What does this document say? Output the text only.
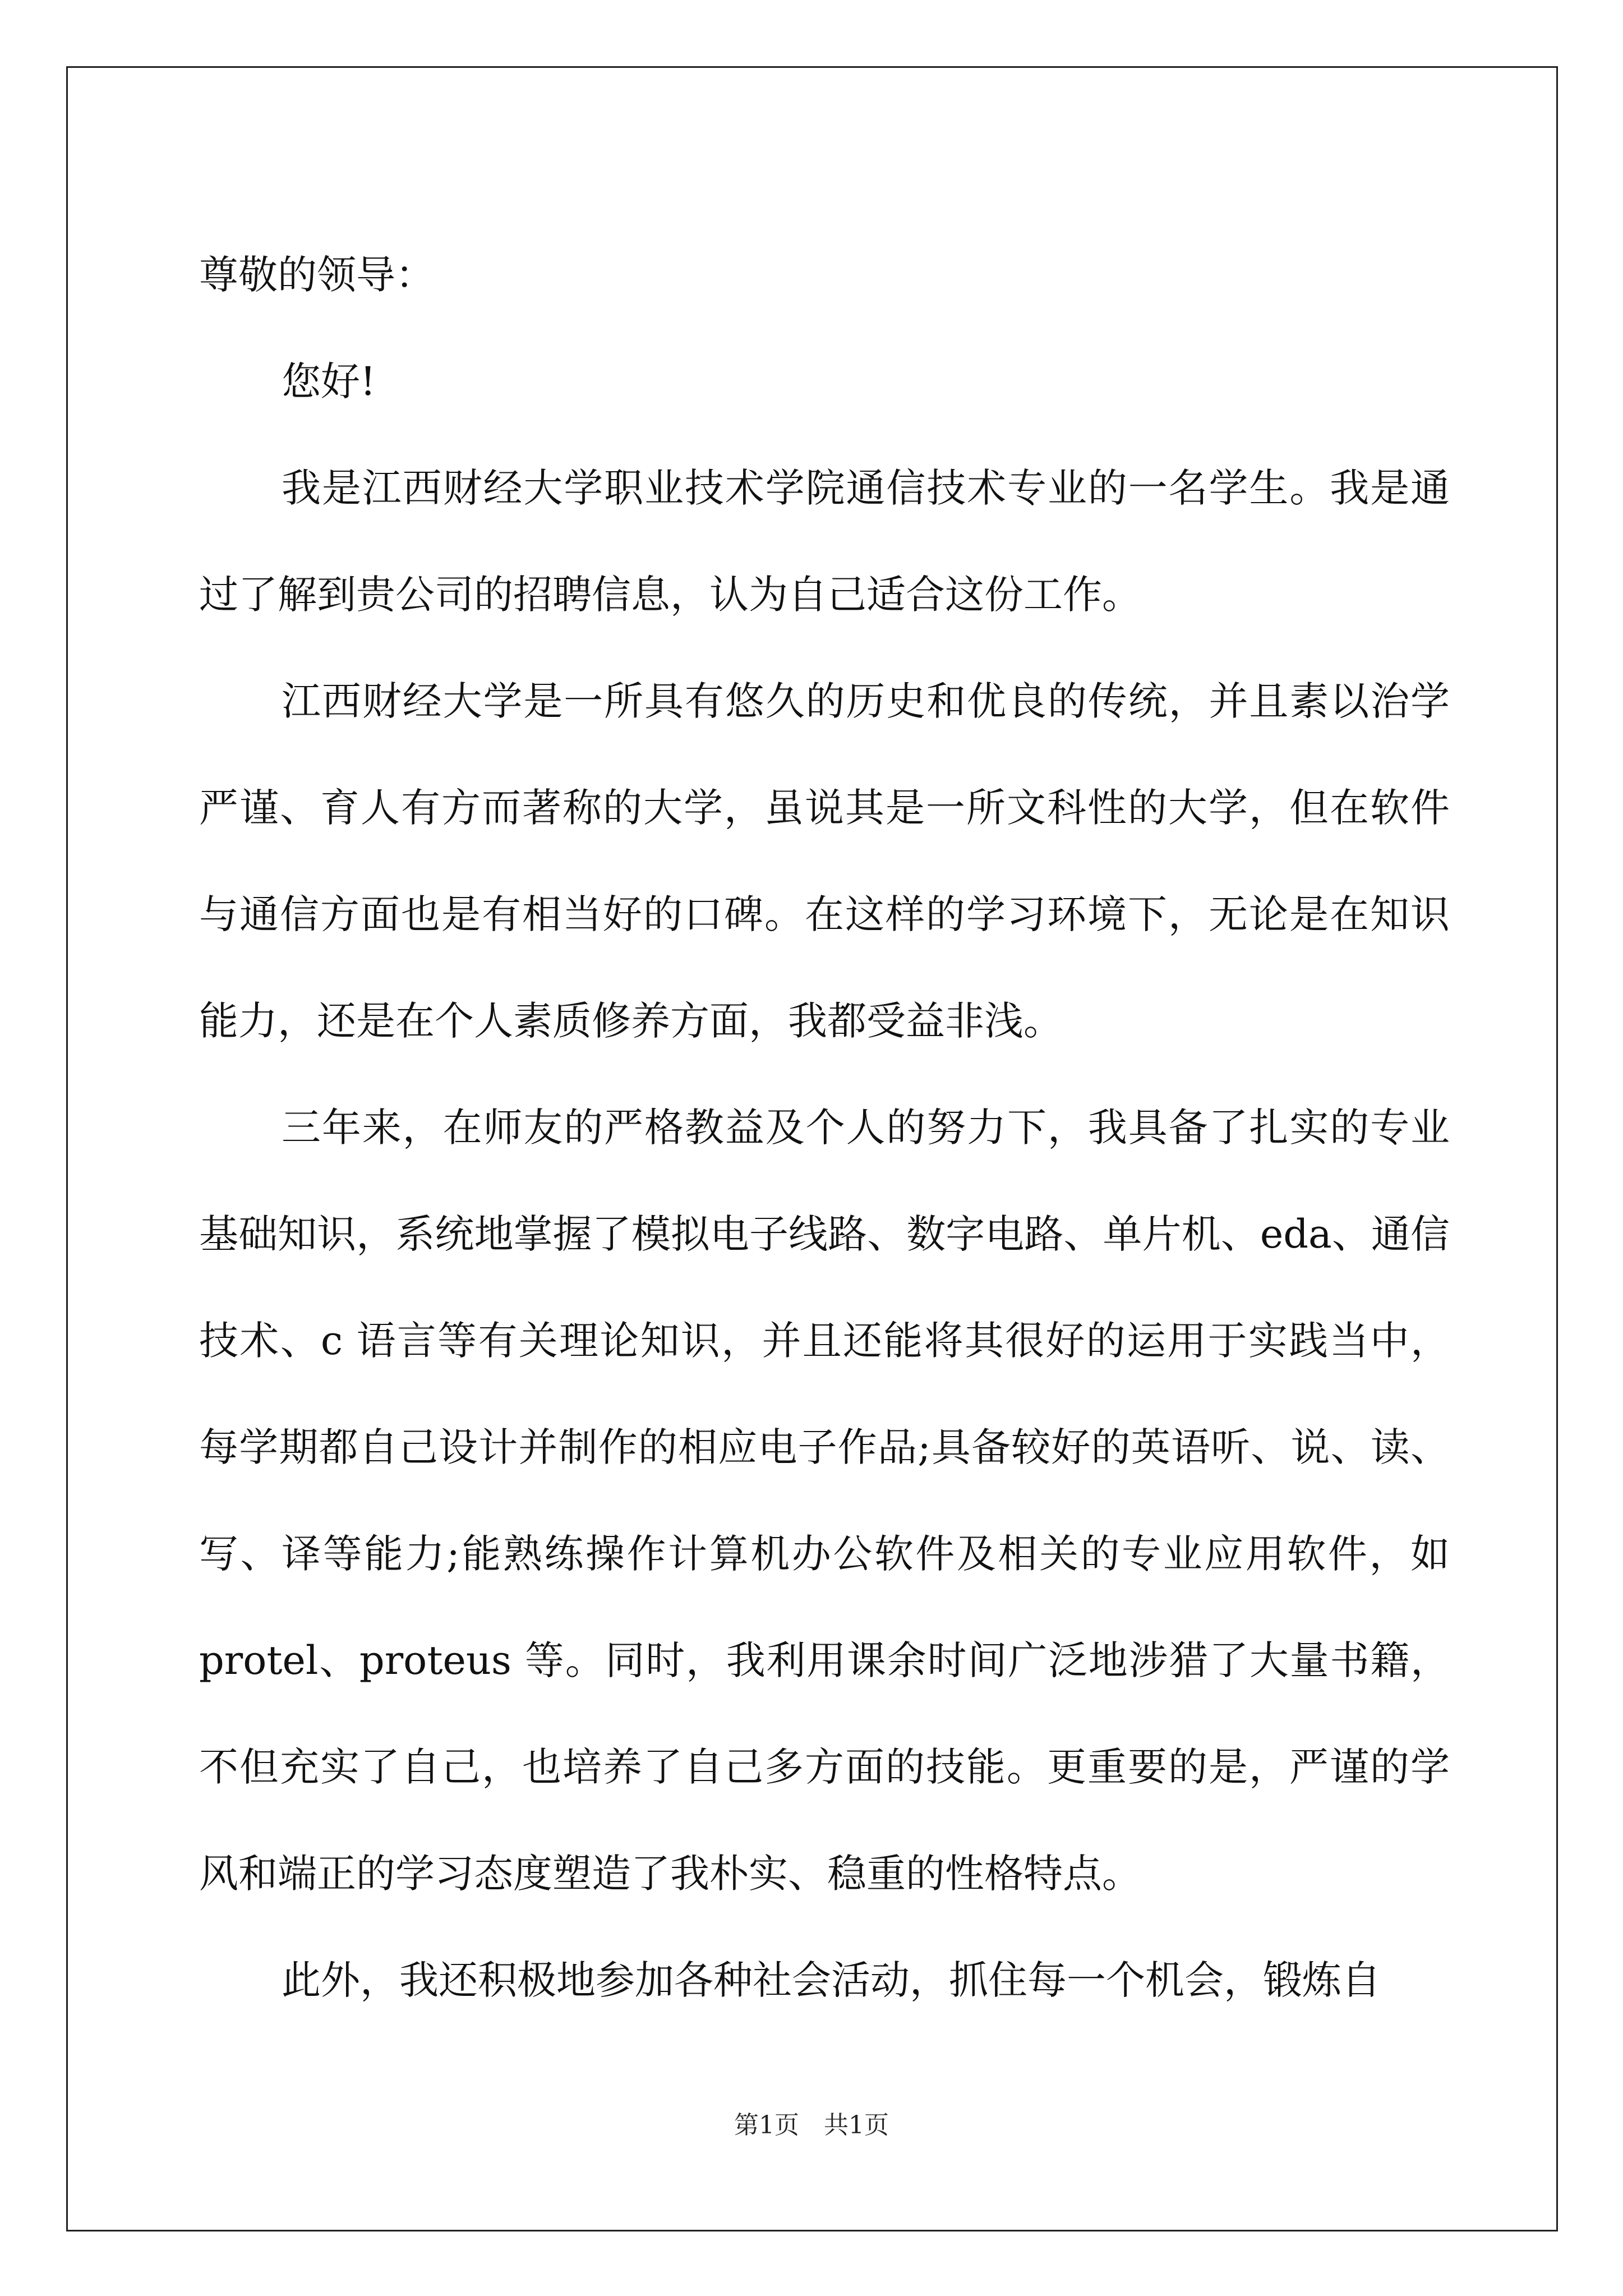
尊敬的领导：

您好!

我是江西财经大学职业技术学院通信技术专业的一名学生。我是通过了解到贵公司的招聘信息，认为自己适合这份工作。

江西财经大学是一所具有悠久的历史和优良的传统，并且素以治学严谨、育人有方而著称的大学，虽说其是一所文科性的大学，但在软件与通信方面也是有相当好的口碑。在这样的学习环境下，无论是在知识能力，还是在个人素质修养方面，我都受益非浅。

三年来，在师友的严格教益及个人的努力下，我具备了扎实的专业基础知识，系统地掌握了模拟电子线路、数字电路、单片机、eda、通信技术、c 语言等有关理论知识，并且还能将其很好的运用于实践当中，每学期都自己设计并制作的相应电子作品;具备较好的英语听、说、读、写、译等能力;能熟练操作计算机办公软件及相关的专业应用软件，如 protel、proteus 等。同时，我利用课余时间广泛地涉猎了大量书籍，不但充实了自己，也培养了自己多方面的技能。更重要的是，严谨的学风和端正的学习态度塑造了我朴实、稳重的性格特点。

此外，我还积极地参加各种社会活动，抓住每一个机会，锻炼自

第1页　共1页
